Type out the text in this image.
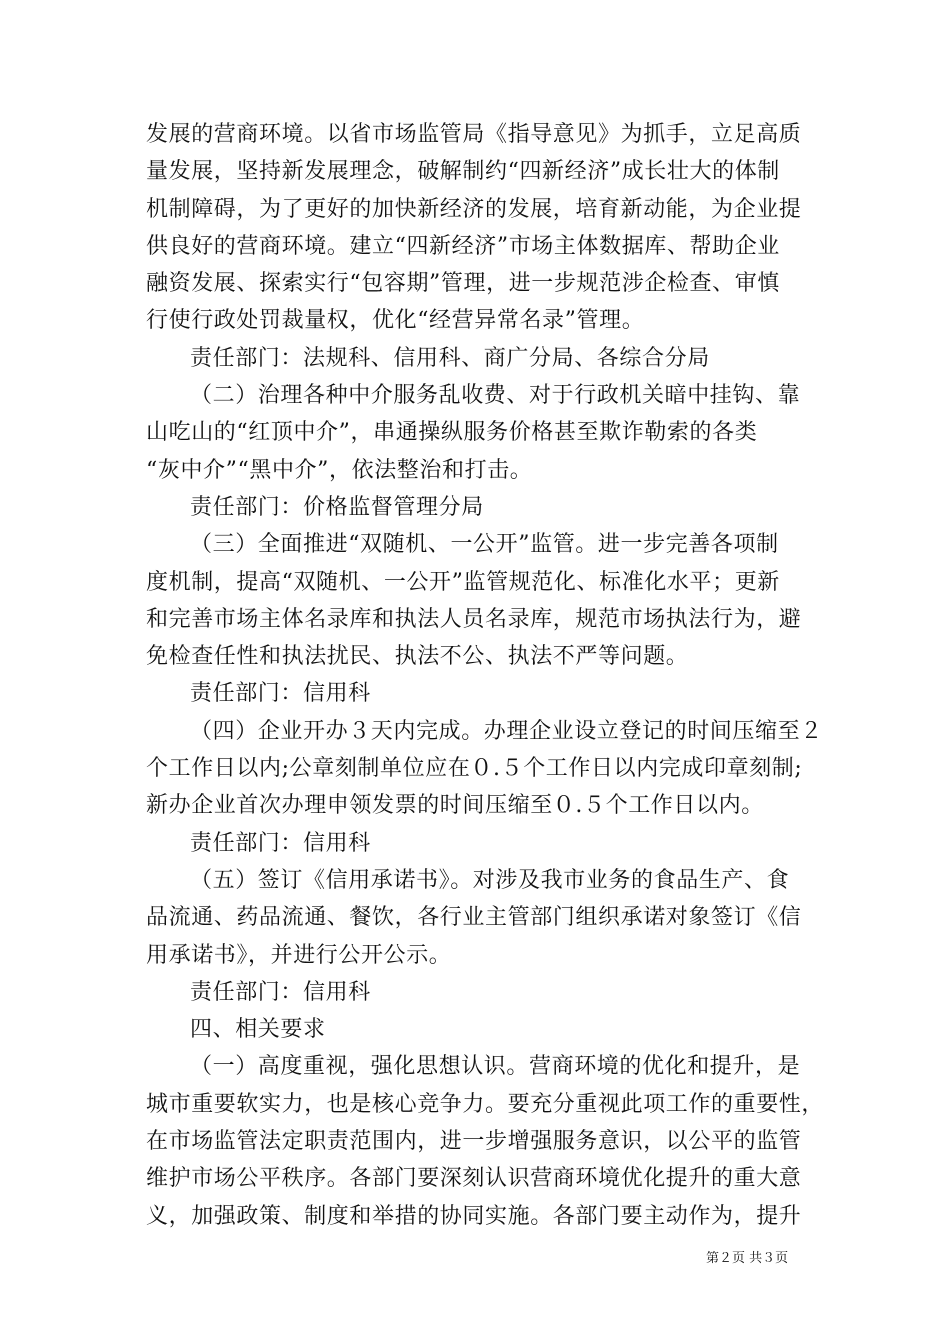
发展的营商环境。以省市场监管局《指导意见》为抓手，立足高质
量发展，坚持新发展理念，破解制约“四新经济”成长壮大的体制
机制障碍，为了更好的加快新经济的发展，培育新动能，为企业提
供良好的营商环境。建立“四新经济”市场主体数据库、帮助企业
融资发展、探索实行“包容期”管理，进一步规范涉企检查、审慎
行使行政处罚裁量权，优化“经营异常名录”管理。
责任部门：法规科、信用科、商广分局、各综合分局
（二）治理各种中介服务乱收费、对于行政机关暗中挂钩、靠
山吃山的“红顶中介”，串通操纵服务价格甚至欺诈勒索的各类
“灰中介”“黑中介”，依法整治和打击。
责任部门：价格监督管理分局
（三）全面推进“双随机、一公开”监管。进一步完善各项制
度机制，提高“双随机、一公开”监管规范化、标准化水平；更新
和完善市场主体名录库和执法人员名录库，规范市场执法行为，避
免检查任性和执法扰民、执法不公、执法不严等问题。
责任部门：信用科
（四）企业开办３天内完成。办理企业设立登记的时间压缩至２
个工作日以内;公章刻制单位应在０.５个工作日以内完成印章刻制;
新办企业首次办理申领发票的时间压缩至０.５个工作日以内。
责任部门：信用科
（五）签订《信用承诺书》。对涉及我市业务的食品生产、食
品流通、药品流通、餐饮，各行业主管部门组织承诺对象签订《信
用承诺书》，并进行公开公示。
责任部门：信用科
四、相关要求
（一）高度重视，强化思想认识。营商环境的优化和提升，是
城市重要软实力，也是核心竞争力。要充分重视此项工作的重要性，
在市场监管法定职责范围内，进一步增强服务意识，以公平的监管
维护市场公平秩序。各部门要深刻认识营商环境优化提升的重大意
义，加强政策、制度和举措的协同实施。各部门要主动作为，提升
第２页 共３页
